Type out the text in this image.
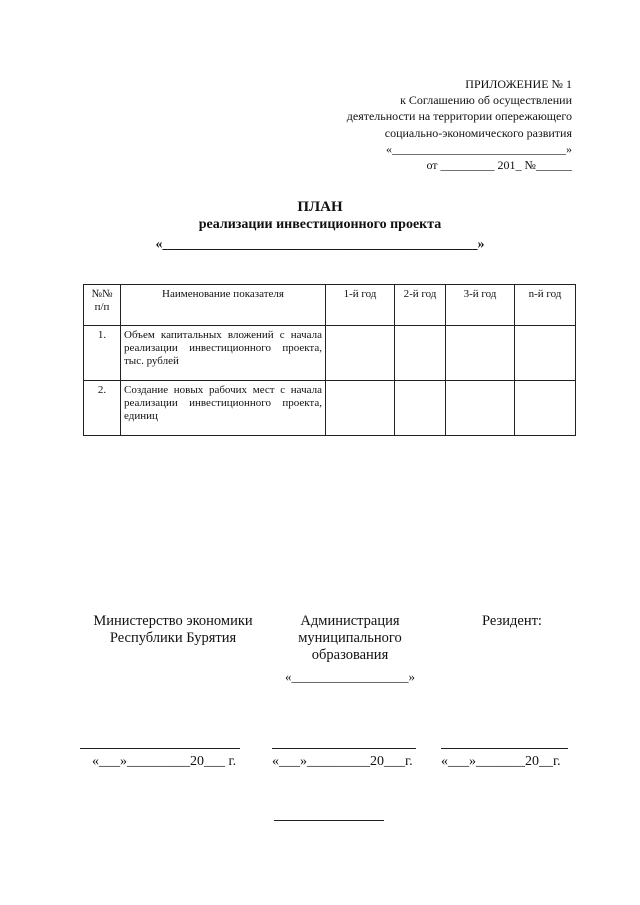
ПРИЛОЖЕНИЕ № 1
к Соглашению об осуществлении
деятельности на территории опережающего
социально-экономического развития
«_____________________________»
от _________ 201_ №______
ПЛАН
реализации инвестиционного проекта
«_____________________________________________»
№№ п/п	Наименование показателя	1-й год	2-й год	3-й год	n-й год
1.	Объем капитальных вложений с начала реализации инвестиционного проекта, тыс. рублей				
2.	Создание новых рабочих мест с начала реализации инвестиционного проекта, единиц				
Министерство экономики Республики Бурятия
Администрация муниципального образования
«__________________»
Резидент:
«___»_________20___ г.	«___»_________20___г. «___»_______20__г.
